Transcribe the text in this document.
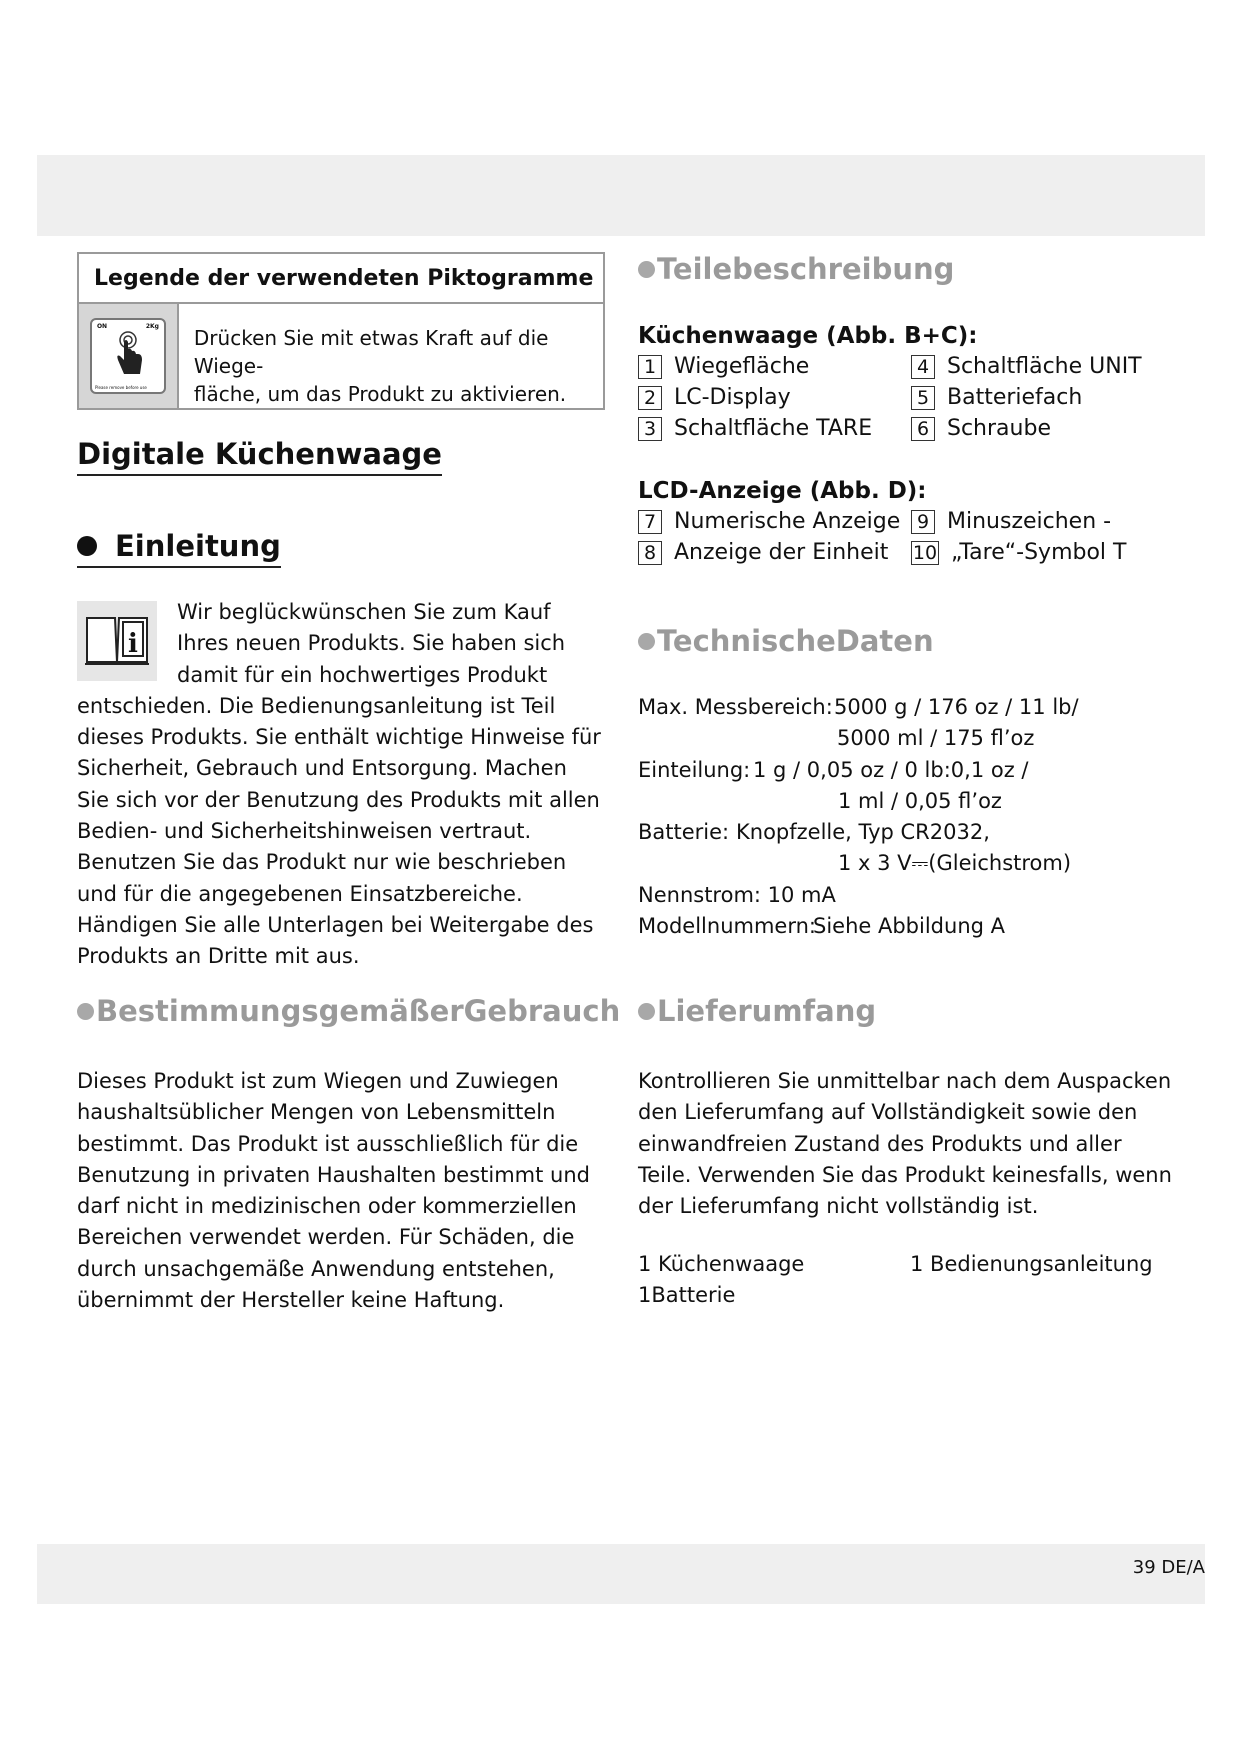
39 DE/A
Legende der verwendeten Piktogramme
ON	2Kg
Please remove before use
Drücken Sie mit etwas Kraft auf die Wiege-
fläche, um das Produkt zu aktivieren.
Digitale Küchenwaage
Einleitung
i

Wir beglückwünschen Sie zum Kauf Ihres neuen Produkts. Sie haben sich damit für ein hochwertiges Produkt entschieden. Die Bedienungsanleitung ist Teil dieses Produkts. Sie enthält wichtige Hinweise für Sicherheit, Gebrauch und Entsorgung. Machen Sie sich vor der Benutzung des Produkts mit allen Bedien- und Sicherheitshinweisen vertraut. Benutzen Sie das Produkt nur wie beschrieben und für die angegebenen Einsatzbereiche. Händigen Sie alle Unterlagen bei Weitergabe des Produkts an Dritte mit aus.

BestimmungsgemäßerGebrauch

Dieses Produkt ist zum Wiegen und Zuwiegen haushaltsüblicher Mengen von Lebensmitteln bestimmt. Das Produkt ist ausschließlich für die Benutzung in privaten Haushalten bestimmt und darf nicht in medizinischen oder kommerziellen Bereichen verwendet werden. Für Schäden, die durch unsachgemäße Anwendung entstehen, übernimmt der Hersteller keine Haftung.

Teilebeschreibung
Küchenwaage (Abb. B+C):
1 Wiegefläche
2 LC-Display
3 Schaltfläche TARE
4 Schaltfläche UNIT
5 Batteriefach
6 Schraube
LCD-Anzeige (Abb. D):
7 Numerische Anzeige
8 Anzeige der Einheit
9 Minuszeichen -
10 „Tare“-Symbol T
TechnischeDaten
Max. Messbereich: 5000 g / 176 oz / 11 lb/
5000 ml / 175 fl’oz
Einteilung: 1 g / 0,05 oz / 0 lb:0,1 oz /
1 ml / 0,05 fl’oz
Batterie: Knopfzelle, Typ CR2032,
1 x 3 V⎓(Gleichstrom)
Nennstrom: 10 mA
Modellnummern:
Siehe Abbildung A
Lieferumfang

Kontrollieren Sie unmittelbar nach dem Auspacken den Lieferumfang auf Vollständigkeit sowie den einwandfreien Zustand des Produkts und aller Teile. Verwenden Sie das Produkt keinesfalls, wenn der Lieferumfang nicht vollständig ist.

1 Küchenwaage	1 Bedienungsanleitung
1Batterie
